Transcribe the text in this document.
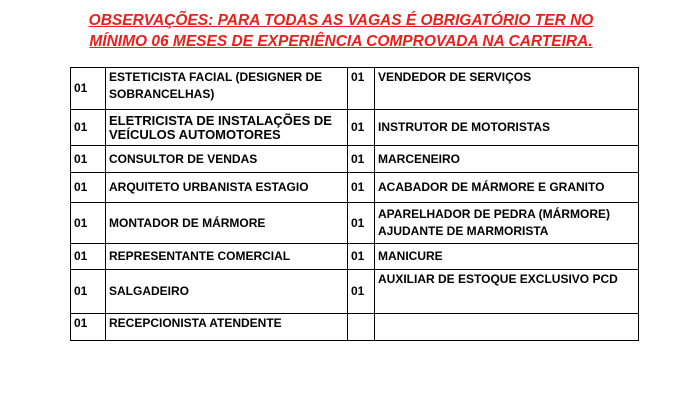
OBSERVAÇÕES: PARA TODAS AS VAGAS É OBRIGATÓRIO TER NO
MÍNIMO 06 MESES DE EXPERIÊNCIA COMPROVADA NA CARTEIRA.
01	ESTETICISTA FACIAL (DESIGNER DE SOBRANCELHAS)	01	VENDEDOR DE SERVIÇOS
01	ELETRICISTA DE INSTALAÇÕES DE VEÍCULOS AUTOMOTORES	01	INSTRUTOR DE MOTORISTAS
01	CONSULTOR DE VENDAS	01	MARCENEIRO
01	ARQUITETO URBANISTA ESTAGIO	01	ACABADOR DE MÁRMORE E GRANITO
01	MONTADOR DE MÁRMORE	01	APARELHADOR DE PEDRA (MÁRMORE) AJUDANTE DE MARMORISTA
01	REPRESENTANTE COMERCIAL	01	MANICURE
01	SALGADEIRO	01	AUXILIAR DE ESTOQUE EXCLUSIVO PCD
01	RECEPCIONISTA ATENDENTE		
